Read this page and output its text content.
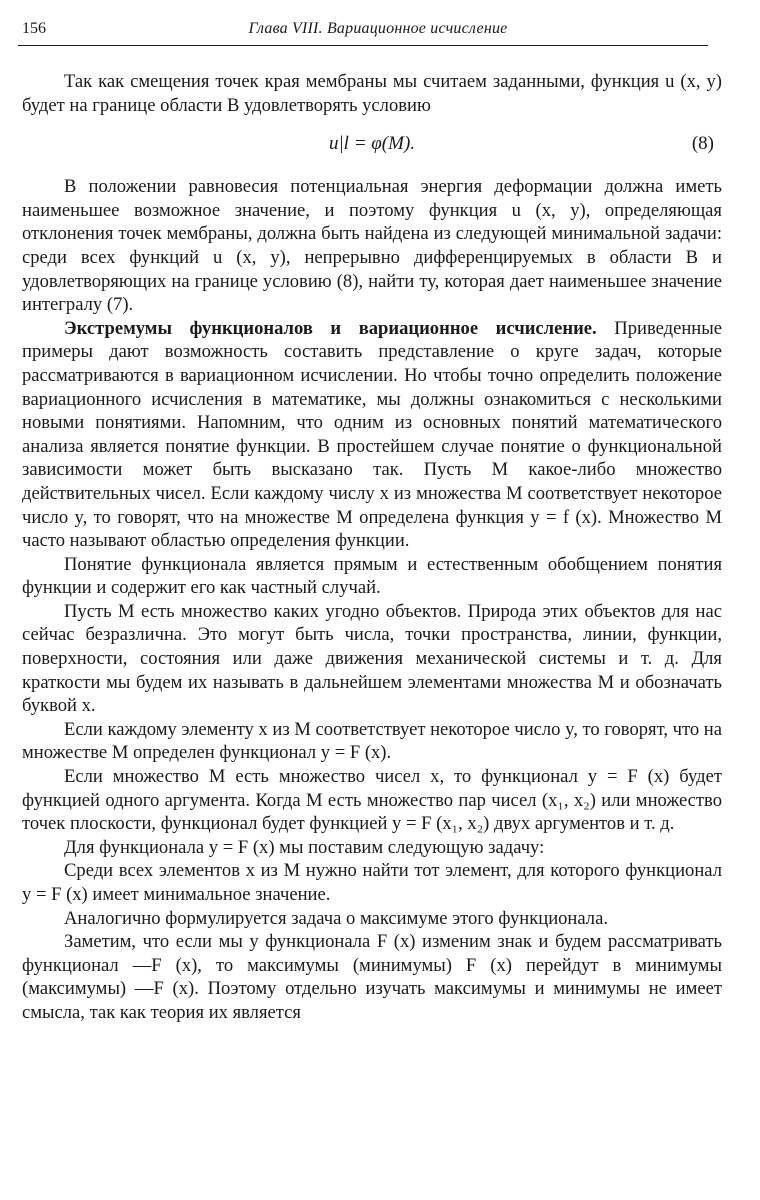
156	Глава VIII. Вариационное исчисление

Так как смещения точек края мембраны мы считаем заданными, функция u (x, y) будет на границе области B удовлетворять условию

u|l = φ(M).	(8)

В положении равновесия потенциальная энергия деформации должна иметь наименьшее возможное значение, и поэтому функция u (x, y), определяющая отклонения точек мембраны, должна быть найдена из следующей минимальной задачи: среди всех функций u (x, y), непрерывно дифференцируемых в области B и удовлетворяющих на границе условию (8), найти ту, которая дает наименьшее значение интегралу (7).

Экстремумы функционалов и вариационное исчисление. Приведенные примеры дают возможность составить представление о круге задач, которые рассматриваются в вариационном исчислении. Но чтобы точно определить положение вариационного исчисления в математике, мы должны ознакомиться с несколькими новыми понятиями. Напомним, что одним из основных понятий математического анализа является понятие функции. В простейшем случае понятие о функциональной зависимости может быть высказано так. Пусть M какое-либо множество действительных чисел. Если каждому числу x из множества M соответствует некоторое число y, то говорят, что на множестве M определена функция y = f (x). Множество M часто называют областью определения функции.

Понятие функционала является прямым и естественным обобщением понятия функции и содержит его как частный случай.

Пусть M есть множество каких угодно объектов. Природа этих объектов для нас сейчас безразлична. Это могут быть числа, точки пространства, линии, функции, поверхности, состояния или даже движения механической системы и т. д. Для краткости мы будем их называть в дальнейшем элементами множества M и обозначать буквой x.

Если каждому элементу x из M соответствует некоторое число y, то говорят, что на множестве M определен функционал y = F (x).

Если множество M есть множество чисел x, то функционал y = F (x) будет функцией одного аргумента. Когда M есть множество пар чисел (x₁, x₂) или множество точек плоскости, функционал будет функцией y = F (x₁, x₂) двух аргументов и т. д.

Для функционала y = F (x) мы поставим следующую задачу:

Среди всех элементов x из M нужно найти тот элемент, для которого функционал y = F (x) имеет минимальное значение.

Аналогично формулируется задача о максимуме этого функционала.

Заметим, что если мы у функционала F (x) изменим знак и будем рассматривать функционал —F (x), то максимумы (минимумы) F (x) перейдут в минимумы (максимумы) —F (x). Поэтому отдельно изучать максимумы и минимумы не имеет смысла, так как теория их является
